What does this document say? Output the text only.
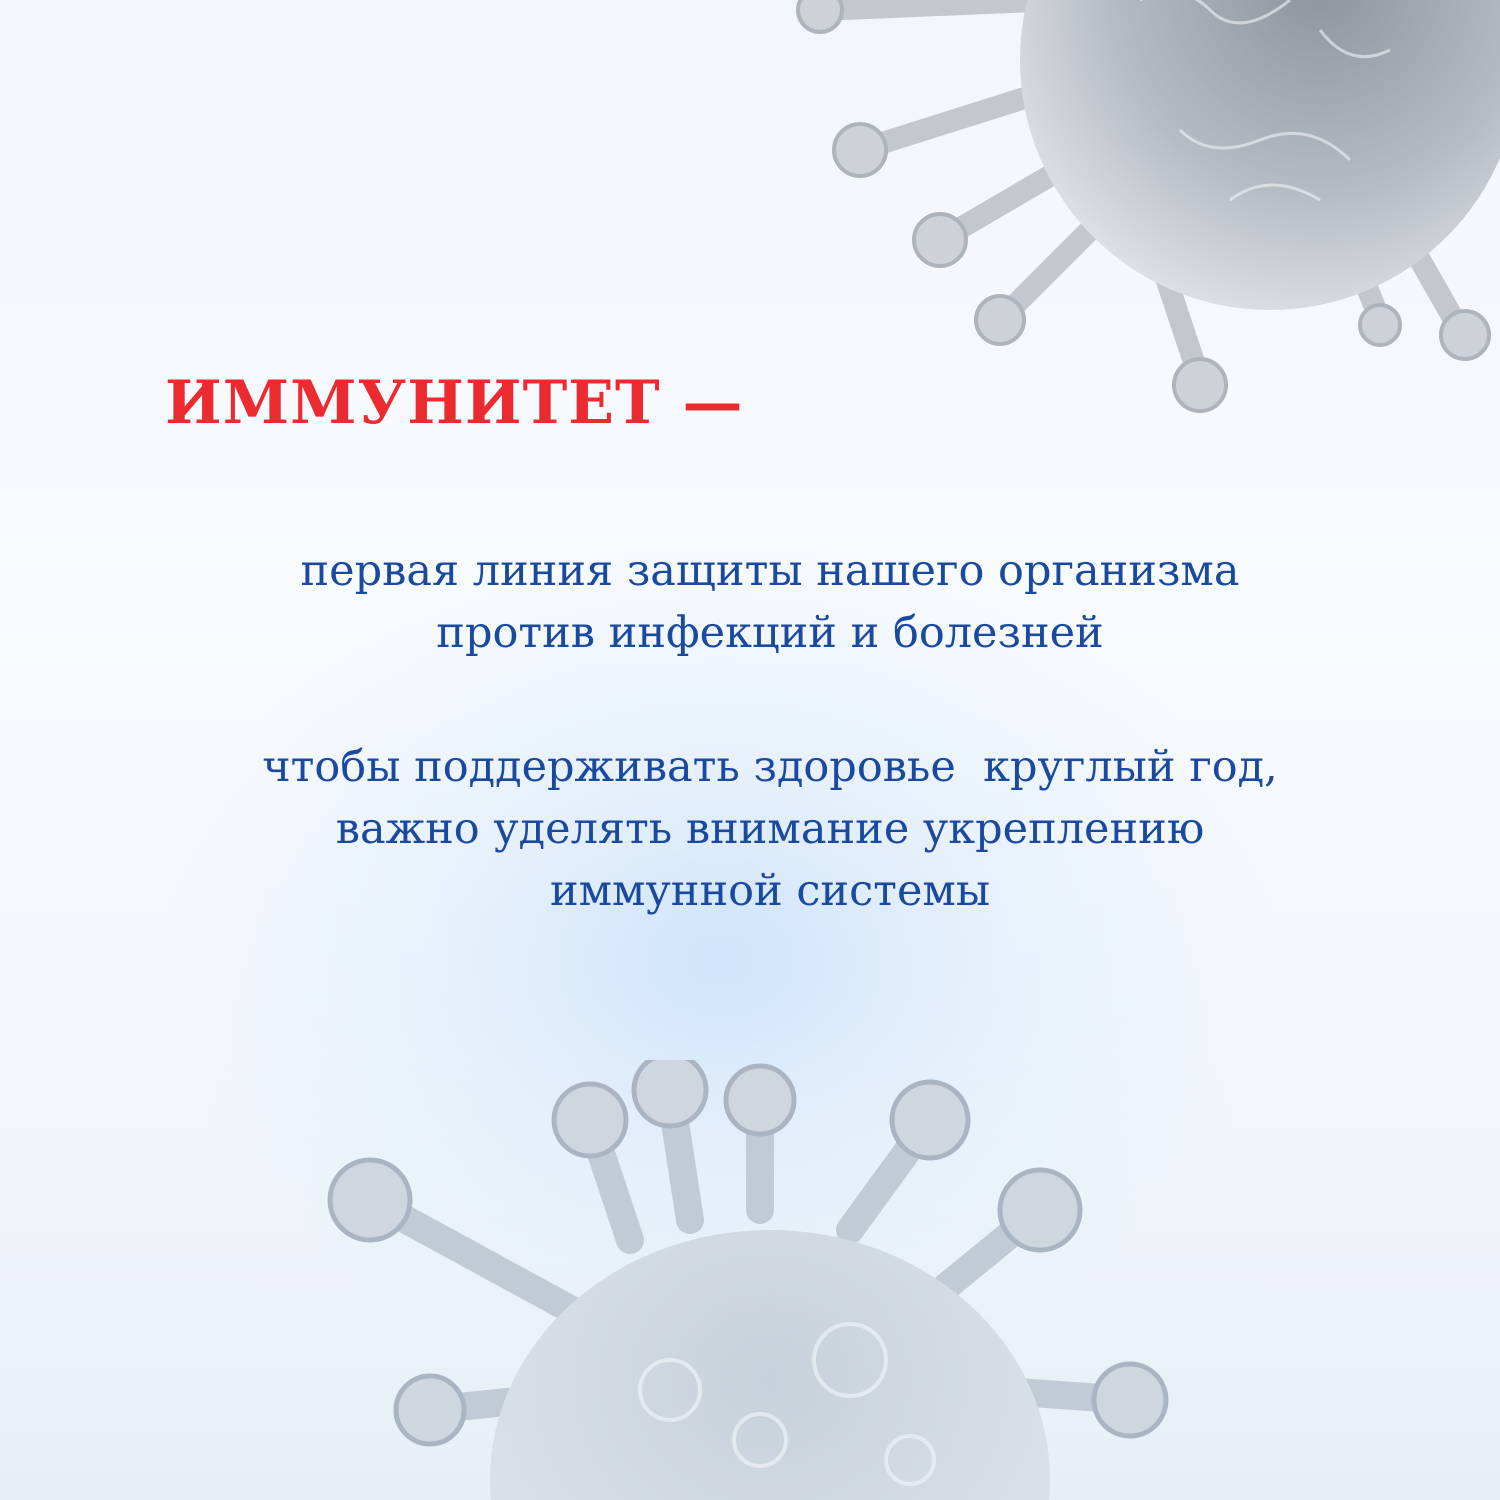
ИММУНИТЕТ —

первая линия защиты нашего организма
против инфекций и болезней

чтобы поддерживать здоровье  круглый год,
важно уделять внимание укреплению
иммунной системы
